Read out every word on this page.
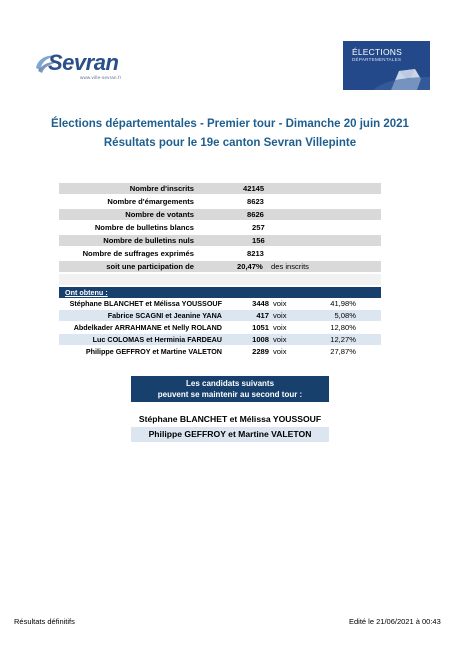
Sevran
www.ville-sevran.fr
ÉLECTIONS
DÉPARTEMENTALES
Élections départementales - Premier tour - Dimanche 20 juin 2021
Résultats pour le 19e canton Sevran Villepinte
Nombre d'inscrits	42145
Nombre d'émargements	8623
Nombre de votants	8626
Nombre de bulletins blancs	257
Nombre de bulletins nuls	156
Nombre de suffrages exprimés	8213
soit une participation de	20,47% des inscrits
Ont obtenu :
Stéphane BLANCHET et Mélissa YOUSSOUF	3448 voix	41,98%
Fabrice SCAGNI et Jeanine YANA	417 voix	5,08%
Abdelkader ARRAHMANE et Nelly ROLAND	1051 voix	12,80%
Luc COLOMAS et Herminia FARDEAU	1008 voix	12,27%
Philippe GEFFROY et Martine VALETON	2289 voix	27,87%
Les candidats suivants
peuvent se maintenir au second tour :
Stéphane BLANCHET et Mélissa YOUSSOUF
Philippe GEFFROY et Martine VALETON
Résultats définitifs	Edité le 21/06/2021 à 00:43
